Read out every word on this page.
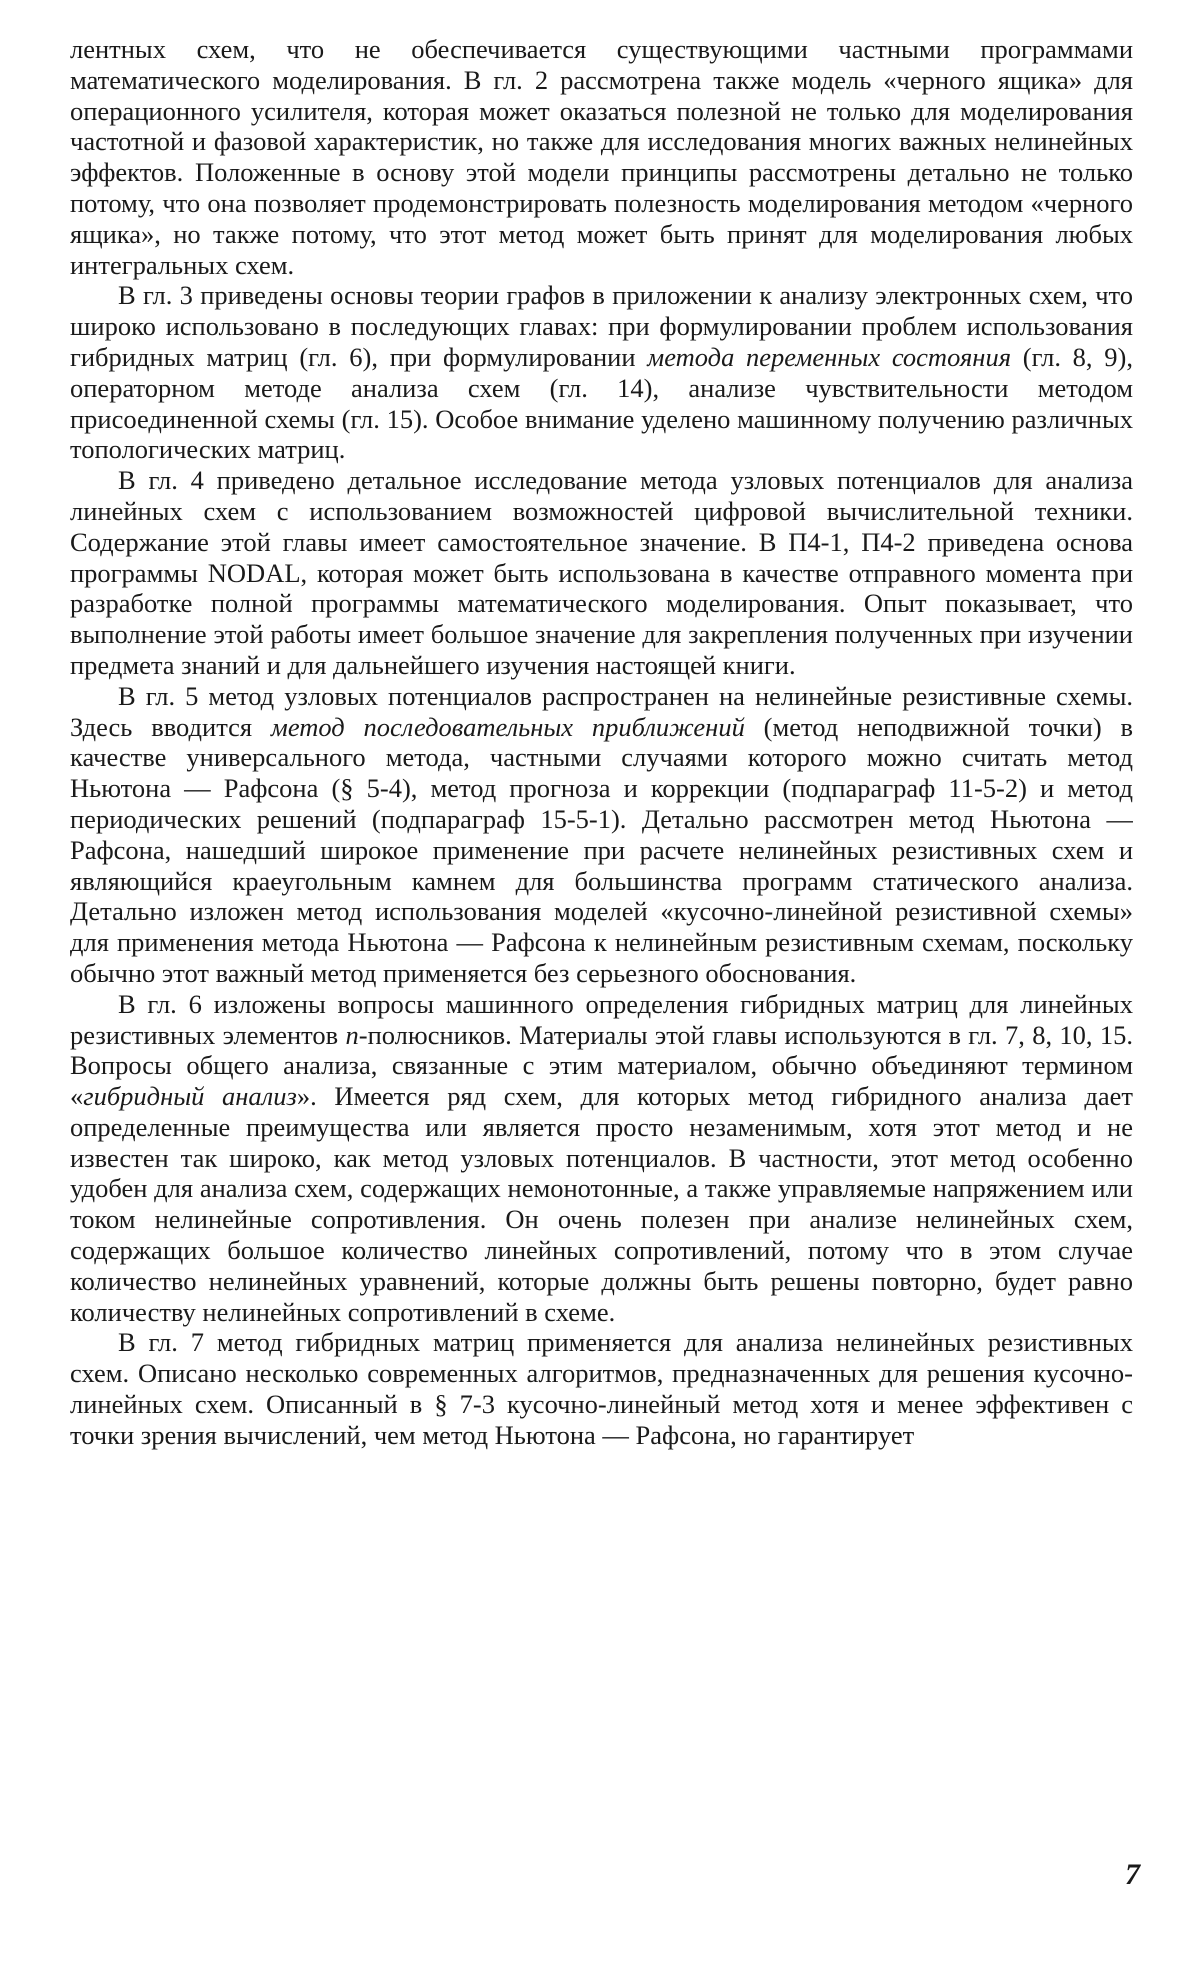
лентных схем, что не обеспечивается существующими частными программами математического моделирования. В гл. 2 рассмотрена также модель «черного ящика» для операционного усилителя, которая может оказаться полезной не только для моделирования частотной и фазовой характеристик, но также для исследования многих важных нелинейных эффектов. Положенные в основу этой модели принципы рассмотрены детально не только потому, что она позволяет продемонстрировать полезность моделирования методом «черного ящика», но также потому, что этот метод может быть принят для моделирования любых интегральных схем.

В гл. 3 приведены основы теории графов в приложении к анализу электронных схем, что широко использовано в последующих главах: при формулировании проблем использования гибридных матриц (гл. 6), при формулировании метода переменных состояния (гл. 8, 9), операторном методе анализа схем (гл. 14), анализе чувствительности методом присоединенной схемы (гл. 15). Особое внимание уделено машинному получению различных топологических матриц.

В гл. 4 приведено детальное исследование метода узловых потенциалов для анализа линейных схем с использованием возможностей цифровой вычислительной техники. Содержание этой главы имеет самостоятельное значение. В П4-1, П4-2 приведена основа программы NODAL, которая может быть использована в качестве отправного момента при разработке полной программы математического моделирования. Опыт показывает, что выполнение этой работы имеет большое значение для закрепления полученных при изучении предмета знаний и для дальнейшего изучения настоящей книги.

В гл. 5 метод узловых потенциалов распространен на нелинейные резистивные схемы. Здесь вводится метод последовательных приближений (метод неподвижной точки) в качестве универсального метода, частными случаями которого можно считать метод Ньютона — Рафсона (§ 5-4), метод прогноза и коррекции (подпараграф 11-5-2) и метод периодических решений (подпараграф 15-5-1). Детально рассмотрен метод Ньютона — Рафсона, нашедший широкое применение при расчете нелинейных резистивных схем и являющийся краеугольным камнем для большинства программ статического анализа. Детально изложен метод использования моделей «кусочно-линейной резистивной схемы» для применения метода Ньютона — Рафсона к нелинейным резистивным схемам, поскольку обычно этот важный метод применяется без серьезного обоснования.

В гл. 6 изложены вопросы машинного определения гибридных матриц для линейных резистивных элементов n-полюсников. Материалы этой главы используются в гл. 7, 8, 10, 15. Вопросы общего анализа, связанные с этим материалом, обычно объединяют термином «гибридный анализ». Имеется ряд схем, для которых метод гибридного анализа дает определенные преимущества или является просто незаменимым, хотя этот метод и не известен так широко, как метод узловых потенциалов. В частности, этот метод особенно удобен для анализа схем, содержащих немонотонные, а также управляемые напряжением или током нелинейные сопротивления. Он очень полезен при анализе нелинейных схем, содержащих большое количество линейных сопротивлений, потому что в этом случае количество нелинейных уравнений, которые должны быть решены повторно, будет равно количеству нелинейных сопротивлений в схеме.

В гл. 7 метод гибридных матриц применяется для анализа нелинейных резистивных схем. Описано несколько современных алгоритмов, предназначенных для решения кусочно-линейных схем. Описанный в § 7-3 кусочно-линейный метод хотя и менее эффективен с точки зрения вычислений, чем метод Ньютона — Рафсона, но гарантирует

7
